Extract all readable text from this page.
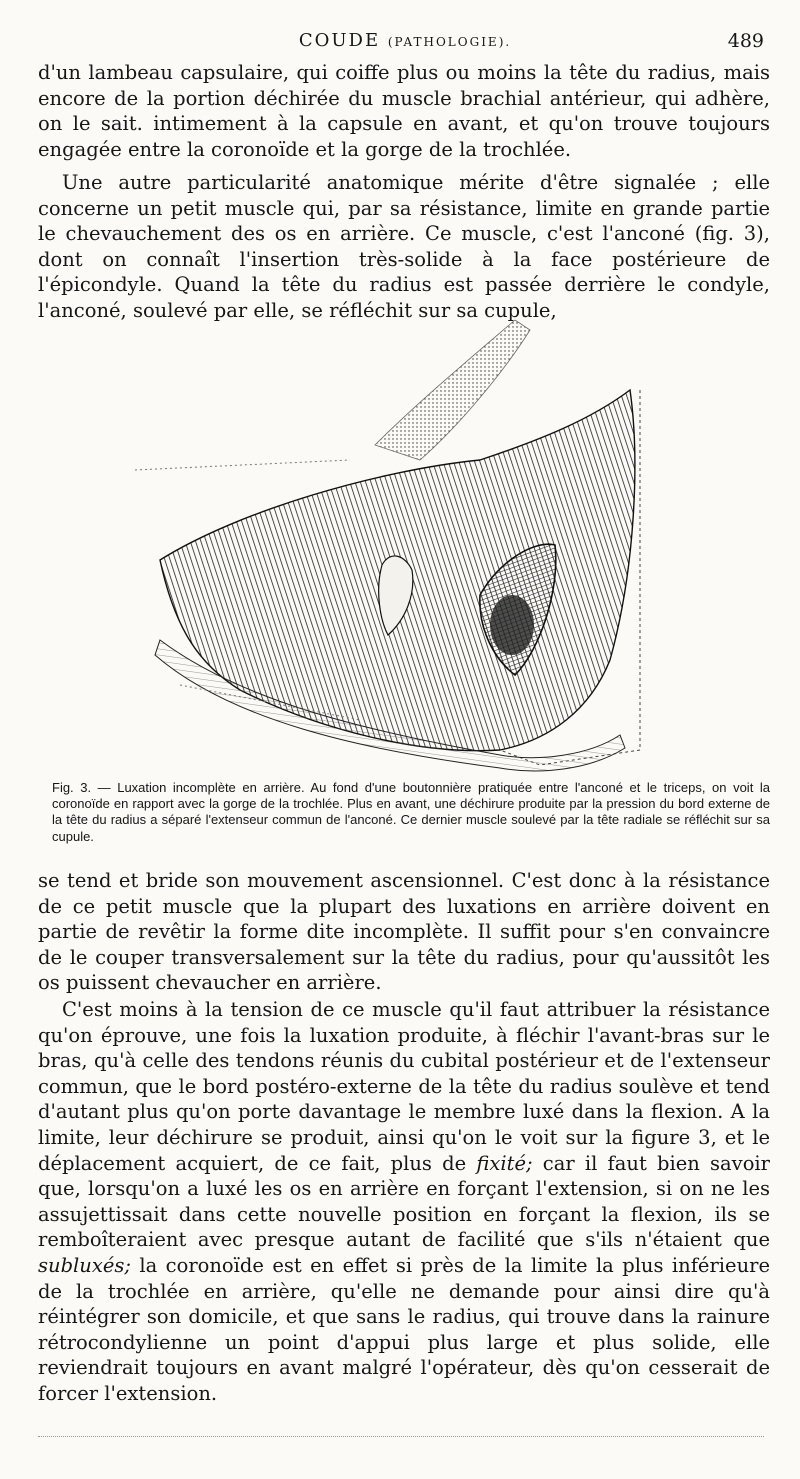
COUDE (PATHOLOGIE).	489
d'un lambeau capsulaire, qui coiffe plus ou moins la tête du radius, mais encore de la portion déchirée du muscle brachial antérieur, qui adhère, on le sait. intimement à la capsule en avant, et qu'on trouve toujours engagée entre la coronoïde et la gorge de la trochlée.
Une autre particularité anatomique mérite d'être signalée ; elle concerne un petit muscle qui, par sa résistance, limite en grande partie le chevauchement des os en arrière. Ce muscle, c'est l'anconé (fig. 3), dont on connaît l'insertion très-solide à la face postérieure de l'épicondyle. Quand la tête du radius est passée derrière le condyle, l'anconé, soulevé par elle, se réfléchit sur sa cupule,
Fig. 3. — Luxation incomplète en arrière. Au fond d'une boutonnière pratiquée entre l'anconé et le triceps, on voit la coronoïde en rapport avec la gorge de la trochlée. Plus en avant, une déchirure produite par la pression du bord externe de la tête du radius a séparé l'extenseur commun de l'anconé. Ce dernier muscle soulevé par la tête radiale se réfléchit sur sa cupule.
se tend et bride son mouvement ascensionnel. C'est donc à la résistance de ce petit muscle que la plupart des luxations en arrière doivent en partie de revêtir la forme dite incomplète. Il suffit pour s'en convaincre de le couper transversalement sur la tête du radius, pour qu'aussitôt les os puissent chevaucher en arrière.
C'est moins à la tension de ce muscle qu'il faut attribuer la résistance qu'on éprouve, une fois la luxation produite, à fléchir l'avant-bras sur le bras, qu'à celle des tendons réunis du cubital postérieur et de l'extenseur commun, que le bord postéro-externe de la tête du radius soulève et tend d'autant plus qu'on porte davantage le membre luxé dans la flexion. A la limite, leur déchirure se produit, ainsi qu'on le voit sur la figure 3, et le déplacement acquiert, de ce fait, plus de fixité; car il faut bien savoir que, lorsqu'on a luxé les os en arrière en forçant l'extension, si on ne les assujettissait dans cette nouvelle position en forçant la flexion, ils se remboîteraient avec presque autant de facilité que s'ils n'étaient que subluxés; la coronoïde est en effet si près de la limite la plus inférieure de la trochlée en arrière, qu'elle ne demande pour ainsi dire qu'à réintégrer son domicile, et que sans le radius, qui trouve dans la rainure rétrocondylienne un point d'appui plus large et plus solide, elle reviendrait toujours en avant malgré l'opérateur, dès qu'on cesserait de forcer l'extension.
